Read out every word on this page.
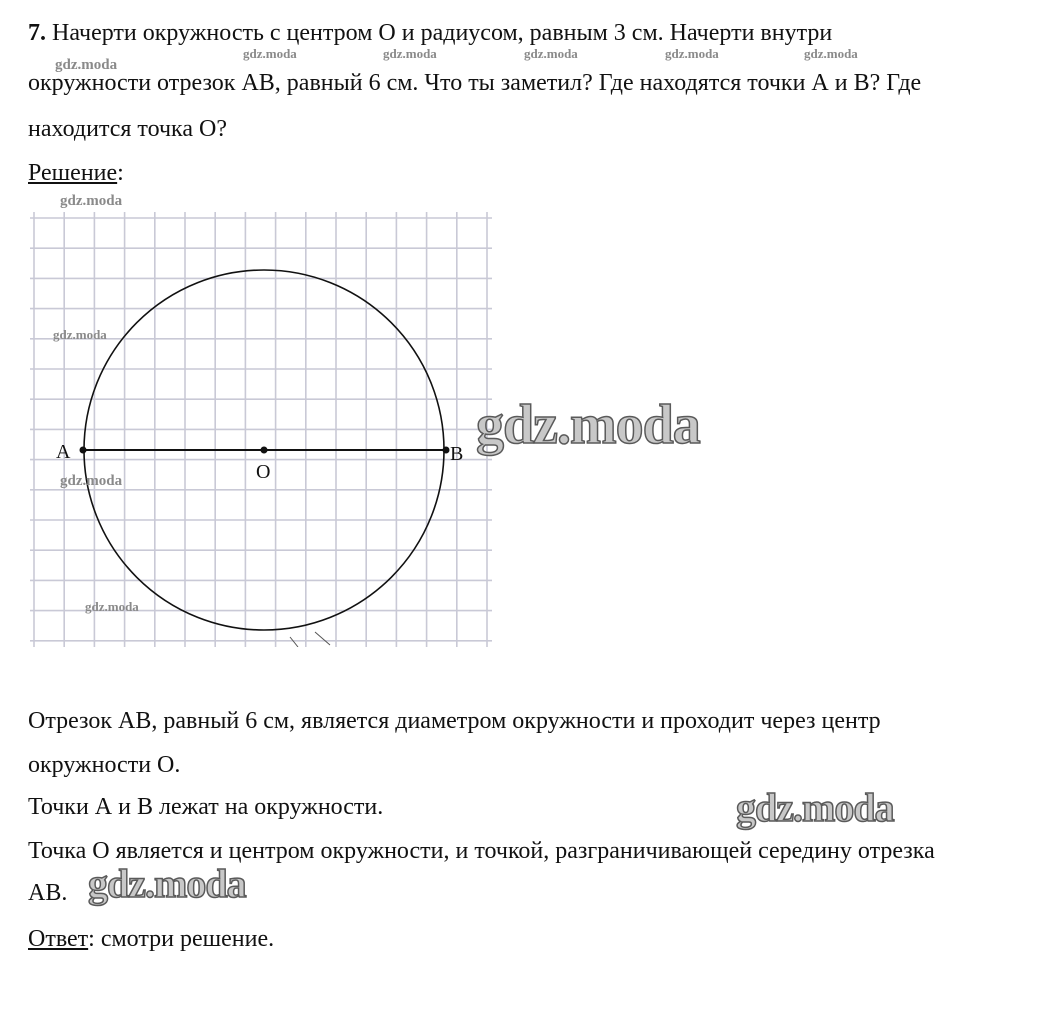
7. Начерти окружность с центром О и радиусом, равным 3 см. Начерти внутри
окружности отрезок АВ, равный 6 см. Что ты заметил? Где находятся точки А и В? Где
находится точка О?
gdz.moda
gdz.moda	gdz.moda	gdz.moda	gdz.moda	gdz.moda
Решение:
gdz.moda
A
O
B
gdz.moda
gdz.moda
gdz.moda
gdz.moda
Отрезок АВ, равный 6 см, является диаметром окружности и проходит через центр
окружности О.
Точки А и В лежат на окружности.
Точка О является и центром окружности, и точкой, разграничивающей середину отрезка
АВ.
gdz.moda
gdz.moda
Ответ: смотри решение.
